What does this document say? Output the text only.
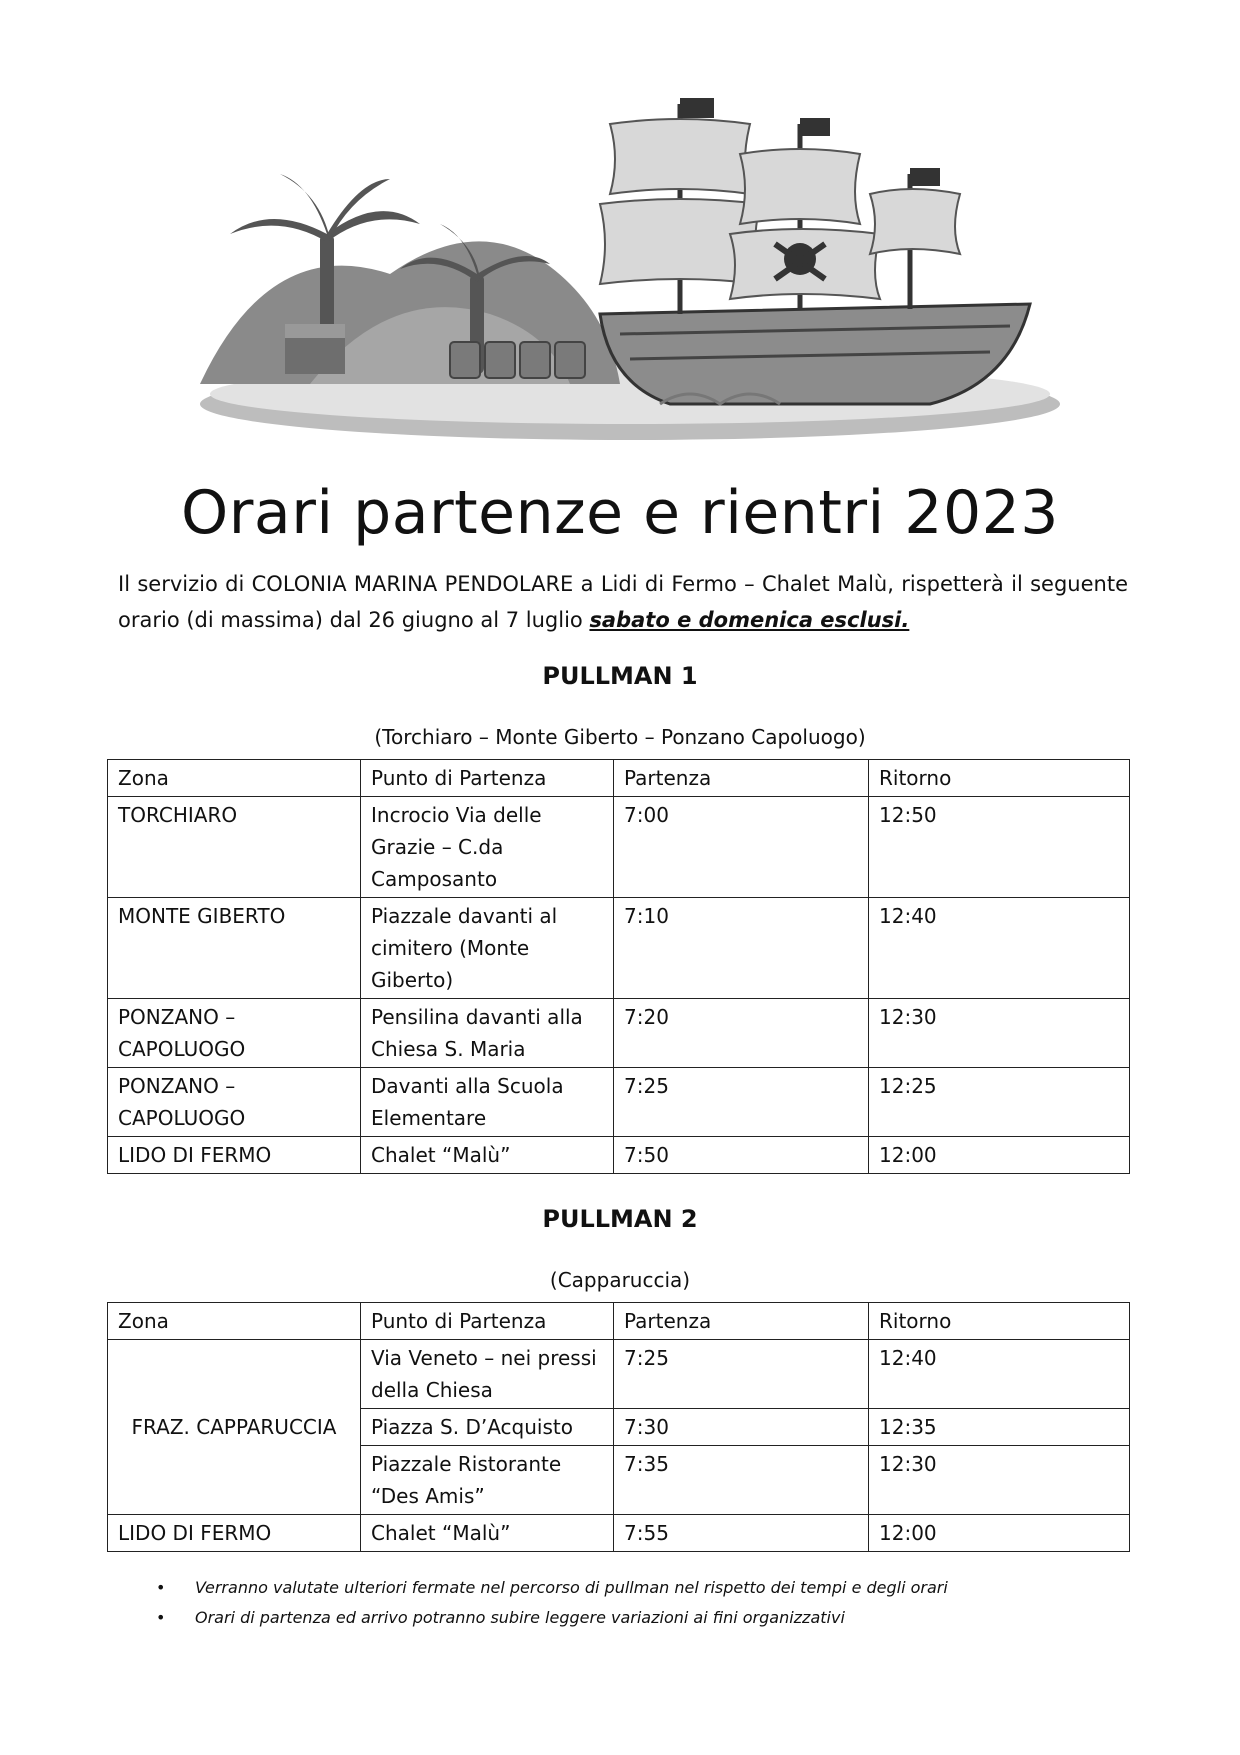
Orari partenze e rientri 2023

Il servizio di COLONIA MARINA PENDOLARE a Lidi di Fermo – Chalet Malù, rispetterà il seguente orario (di massima) dal 26 giugno al 7 luglio sabato e domenica esclusi.

PULLMAN 1

(Torchiaro – Monte Giberto – Ponzano Capoluogo)

Zona	Punto di Partenza	Partenza	Ritorno
TORCHIARO	Incrocio Via delle Grazie – C.da Camposanto	7:00	12:50
MONTE GIBERTO	Piazzale davanti al cimitero (Monte Giberto)	7:10	12:40
PONZANO – CAPOLUOGO	Pensilina davanti alla Chiesa S. Maria	7:20	12:30
PONZANO – CAPOLUOGO	Davanti alla Scuola Elementare	7:25	12:25
LIDO DI FERMO	Chalet “Malù”	7:50	12:00
PULLMAN 2

(Capparuccia)

Zona	Punto di Partenza	Partenza	Ritorno
FRAZ. CAPPARUCCIA	Via Veneto – nei pressi della Chiesa	7:25	12:40
	Piazza S. D’Acquisto	7:30	12:35
	Piazzale Ristorante “Des Amis”	7:35	12:30
LIDO DI FERMO	Chalet “Malù”	7:55	12:00
• Verranno valutate ulteriori fermate nel percorso di pullman nel rispetto dei tempi e degli orari
• Orari di partenza ed arrivo potranno subire leggere variazioni ai fini organizzativi
